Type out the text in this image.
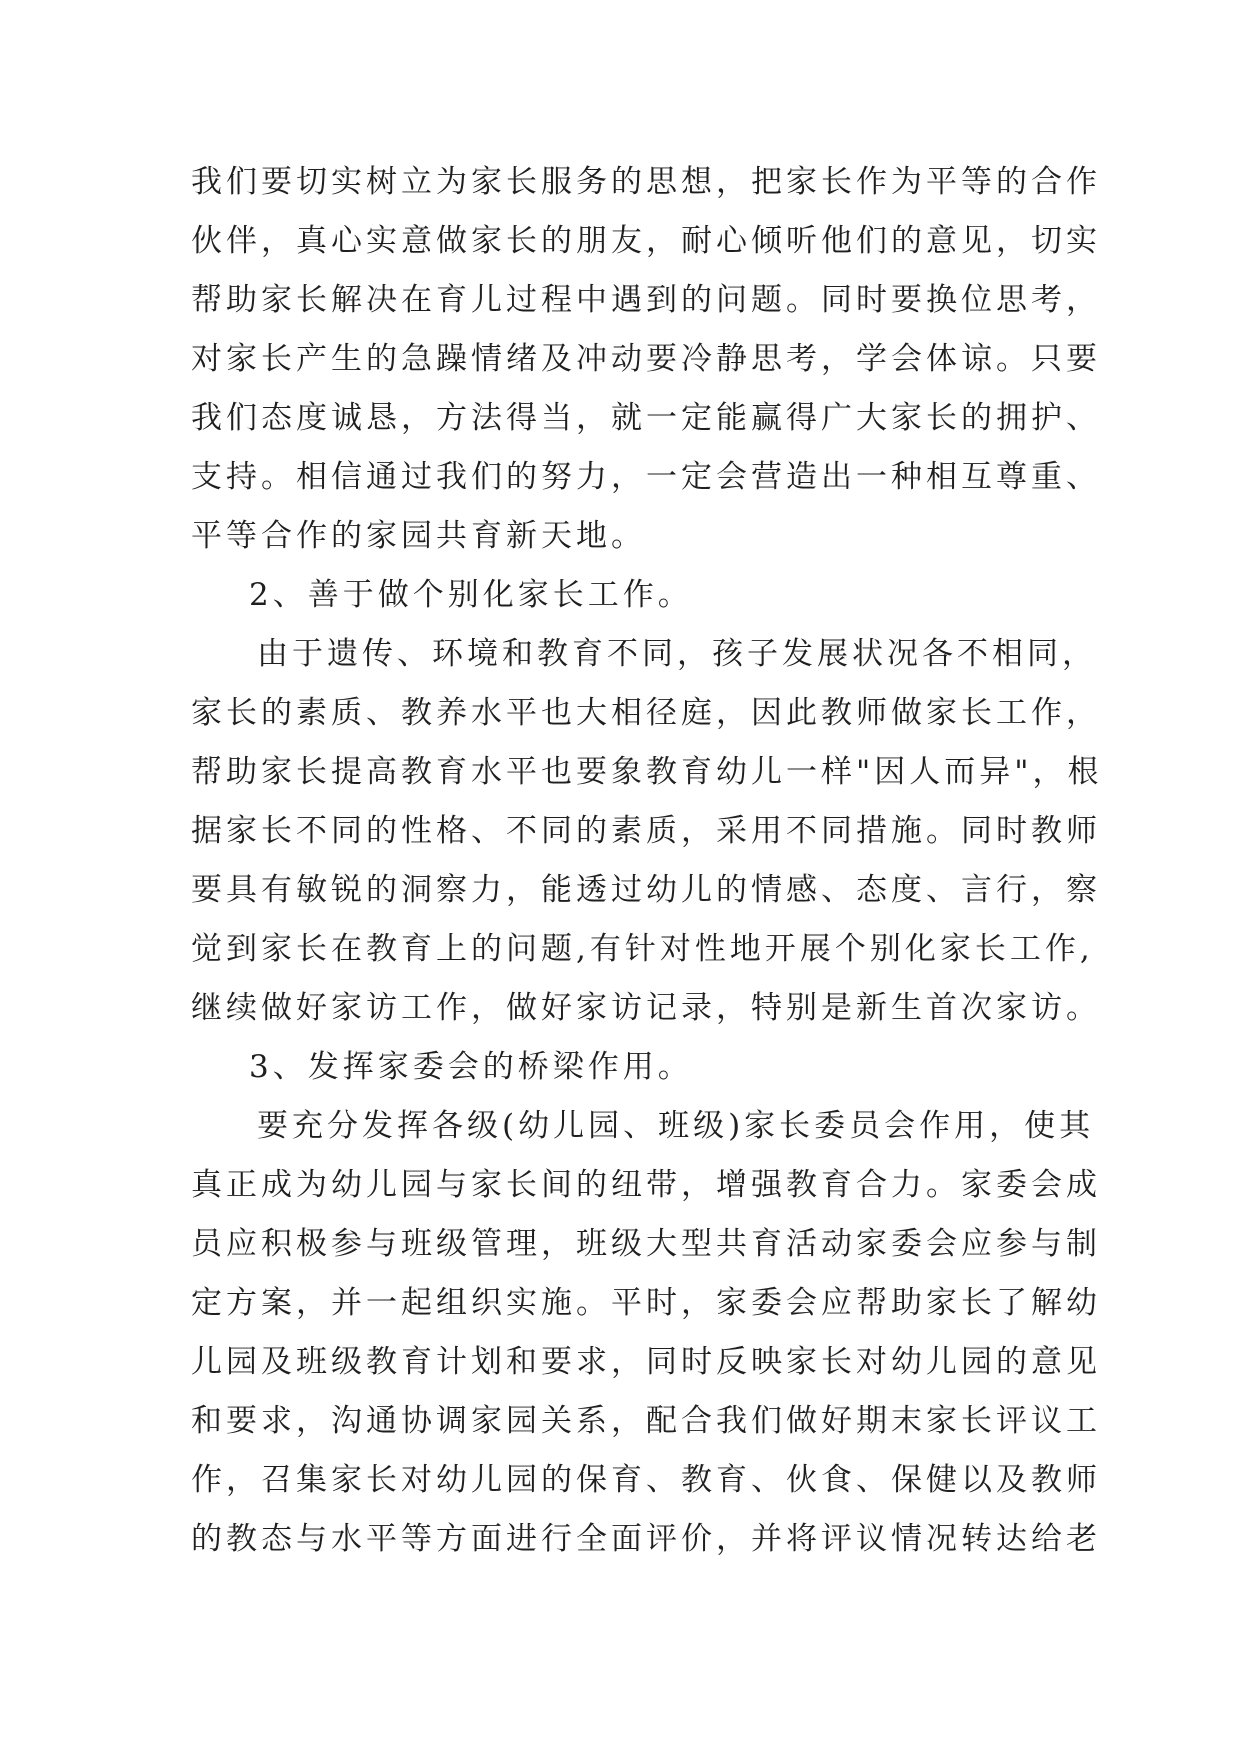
我们要切实树立为家长服务的思想，把家长作为平等的合作
伙伴，真心实意做家长的朋友，耐心倾听他们的意见，切实
帮助家长解决在育儿过程中遇到的问题。同时要换位思考，
对家长产生的急躁情绪及冲动要冷静思考，学会体谅。只要
我们态度诚恳，方法得当，就一定能赢得广大家长的拥护、
支持。相信通过我们的努力，一定会营造出一种相互尊重、
平等合作的家园共育新天地。
2、善于做个别化家长工作。
由于遗传、环境和教育不同，孩子发展状况各不相同，
家长的素质、教养水平也大相径庭，因此教师做家长工作，
帮助家长提高教育水平也要象教育幼儿一样"因人而异"，根
据家长不同的性格、不同的素质，采用不同措施。同时教师
要具有敏锐的洞察力，能透过幼儿的情感、态度、言行，察
觉到家长在教育上的问题,有针对性地开展个别化家长工作,
继续做好家访工作，做好家访记录，特别是新生首次家访。
3、发挥家委会的桥梁作用。
要充分发挥各级(幼儿园、班级)家长委员会作用，使其
真正成为幼儿园与家长间的纽带，增强教育合力。家委会成
员应积极参与班级管理，班级大型共育活动家委会应参与制
定方案，并一起组织实施。平时，家委会应帮助家长了解幼
儿园及班级教育计划和要求，同时反映家长对幼儿园的意见
和要求，沟通协调家园关系，配合我们做好期末家长评议工
作，召集家长对幼儿园的保育、教育、伙食、保健以及教师
的教态与水平等方面进行全面评价，并将评议情况转达给老
